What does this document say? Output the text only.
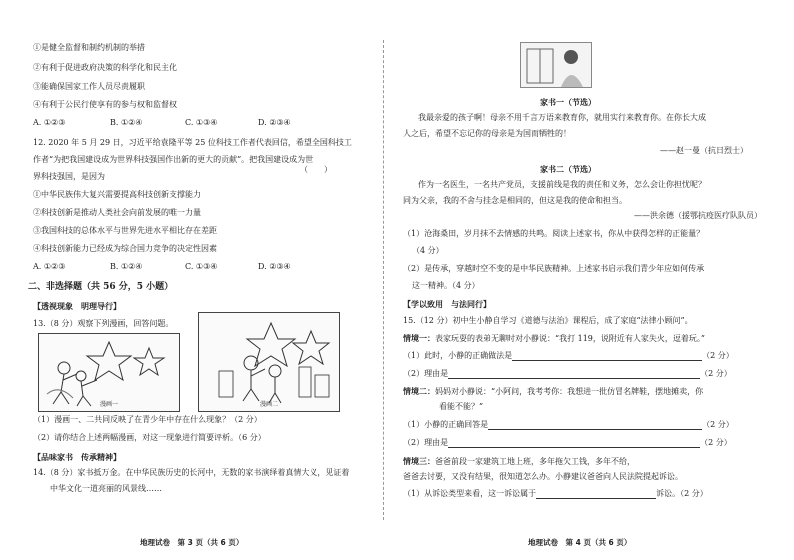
①是健全监督和制约机制的举措
②有利于促进政府决策的科学化和民主化
③能确保国家工作人员尽责履职
④有利于公民行使享有的参与权和监督权
A. ①②③	B. ①②④	C. ①③④	D. ②③④
12. 2020 年 5 月 29 日，习近平给袁隆平等 25 位科技工作者代表回信，希望全国科技工
作者“为把我国建设成为世界科技强国作出新的更大的贡献”。把我国建设成为世
界科技强国，是因为
（　　）
①中华民族伟大复兴需要提高科技创新支撑能力
②科技创新是推动人类社会向前发展的唯一力量
③我国科技的总体水平与世界先进水平相比存在差距
④科技创新能力已经成为综合国力竞争的决定性因素
A. ①②③	B. ①②④	C. ①③④	D. ②③④
二、非选择题（共 56 分，5 小题）
【透视现象　明理导行】
13.（8 分）观察下列漫画，回答问题。
漫画一	漫画二
（1）漫画一、二共同反映了在青少年中存在什么现象？（2 分）
（2）请你结合上述两幅漫画，对这一现象进行简要评析。（6 分）
【品味家书　传承精神】
14.（8 分）家书抵万金。在中华民族历史的长河中，无数的家书演绎着真情大义，见证着
中华文化一道亮丽的风景线……
地理试卷　第 3 页（共 6 页）
家书一（节选）
我最亲爱的孩子啊！母亲不用千言万语来教育你，就用实行来教育你。在你长大成
人之后，希望不忘记你的母亲是为国而牺牲的！
——赵一曼（抗日烈士）
家书二（节选）
作为一名医生，一名共产党员，支援前线是我的责任和义务，怎么会让你担忧呢？
同为父亲，我的不舍与挂念是相同的，但这是我的使命和担当。
——洪余德（援鄂抗疫医疗队队员）
（1）沧海桑田，岁月抹不去情感的共鸣。阅读上述家书，你从中获得怎样的正能量？
（4 分）
（2）是传承，穿越时空不变的是中华民族精神。上述家书启示我们青少年应如何传承
这一精神。（4 分）
【学以致用　与法同行】
15.（12 分）初中生小静自学习《道德与法治》课程后，成了家庭“法律小顾问”。
情境一：表家玩耍的表弟无聊时对小静说：“我打 119，说附近有人家失火，逗着玩。”
（1）此时，小静的正确做法是	（2 分）
（2）理由是	（2 分）
情境二：妈妈对小静说：“小阿问，我考考你：我想进一批仿冒名牌鞋，摆地摊卖，你
看能不能？”
（1）小静的正确回答是	（2 分）
（2）理由是	（2 分）
情境三：爸爸前段一家建筑工地上班，多年拖欠工钱，多年不给，
爸爸去讨要，又没有结果，很知道怎么办。小静建议爸爸向人民法院提起诉讼。
（1）从诉讼类型来看，这一诉讼属于	诉讼。（2 分）
地理试卷　第 4 页（共 6 页）
